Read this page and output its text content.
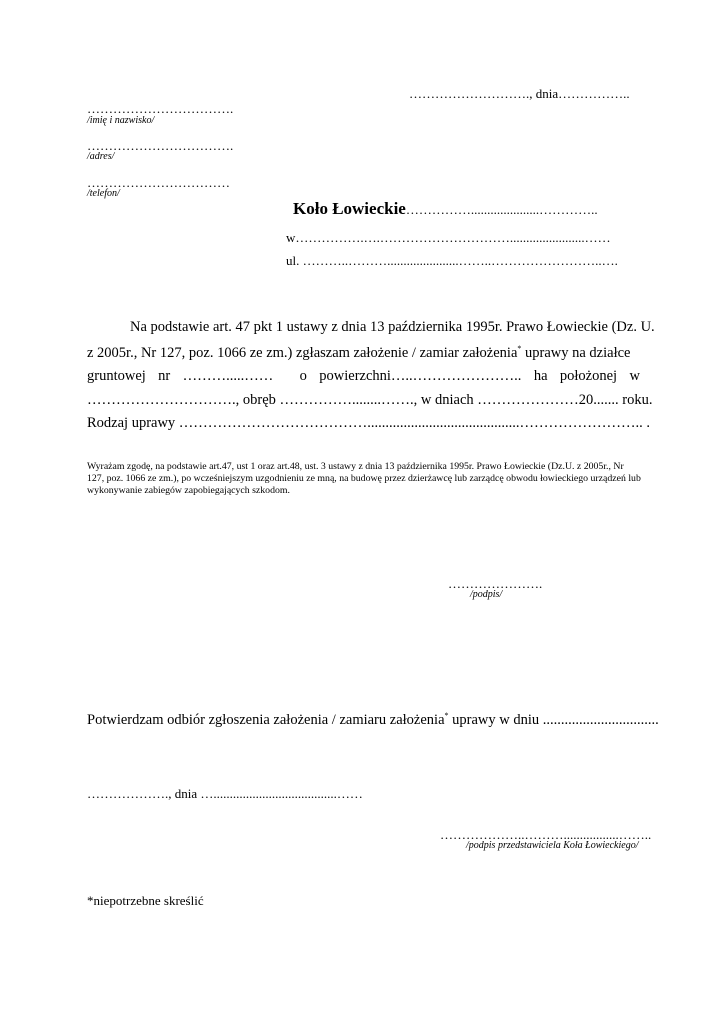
………………………., dnia……………..
…………………………….
/imię i nazwisko/
…………………………….
/adres/
……………………………
/telefon/
Koło Łowieckie…………….....................…………..
w…………….….………………………….......................……
ul. ………..………......................……..……………………..….
Na podstawie art. 47 pkt 1 ustawy z dnia 13 października 1995r. Prawo Łowieckie (Dz. U.
z 2005r., Nr 127, poz. 1066 ze zm.) zgłaszam założenie / zamiar założenia* uprawy na działce
gruntowej nr ……….....…… o powierzchni…..………………….. ha położonej w
…………………………., obręb ……………........……., w dniach …………………20....... roku.
Rodzaj uprawy …………………………………..........................................…………………….. .
Wyrażam zgodę, na podstawie art.47, ust 1 oraz art.48, ust. 3 ustawy z dnia 13 października 1995r. Prawo Łowieckie (Dz.U. z 2005r., Nr
127, poz. 1066 ze zm.), po wcześniejszym uzgodnieniu ze mną, na budowę przez dzierżawcę lub zarządcę obwodu łowieckiego urządzeń lub
wykonywanie zabiegów zapobiegających szkodom.
………………….
/podpis/
Potwierdzam odbiór zgłoszenia założenia / zamiaru założenia* uprawy w dniu ................................
………………., dnia …......................................……
………………..……….................……..
/podpis przedstawiciela Koła Łowieckiego/
*niepotrzebne skreślić
